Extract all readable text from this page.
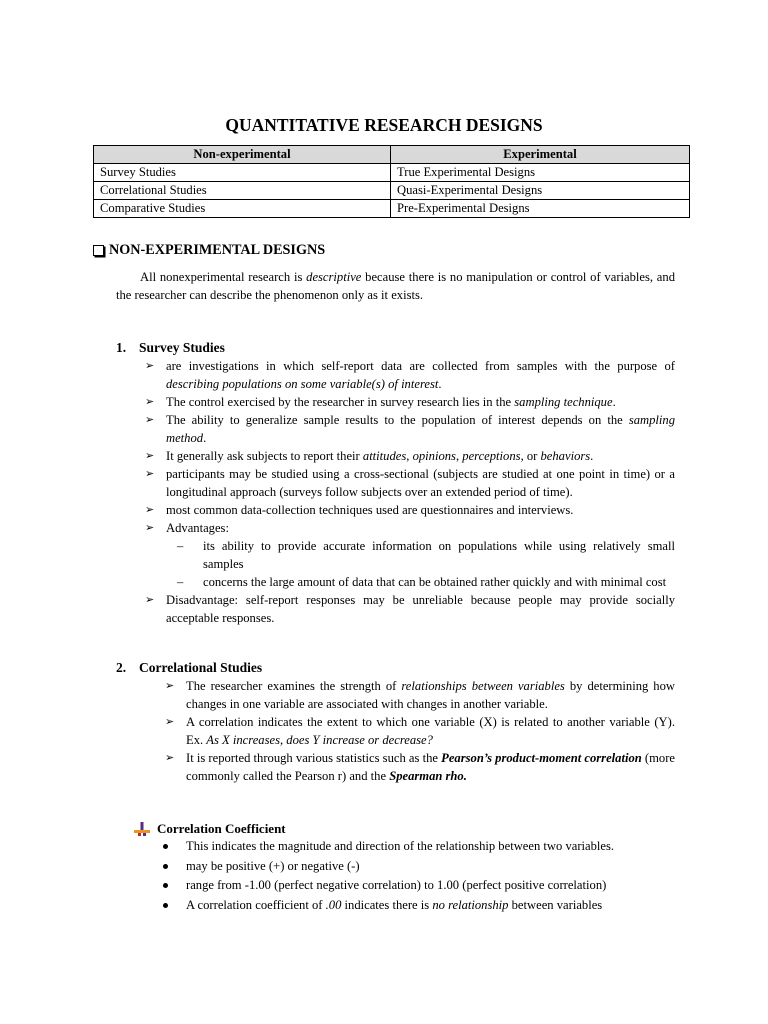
QUANTITATIVE RESEARCH DESIGNS
Non-experimental	Experimental
Survey Studies	True Experimental Designs
Correlational Studies	Quasi-Experimental Designs
Comparative Studies	Pre-Experimental Designs
NON-EXPERIMENTAL DESIGNS

All nonexperimental research is descriptive because there is no manipulation or control of variables, and the researcher can describe the phenomenon only as it exists.

1. Survey Studies
➢ are investigations in which self-report data are collected from samples with the purpose of describing populations on some variable(s) of interest.
➢ The control exercised by the researcher in survey research lies in the sampling technique.
➢ The ability to generalize sample results to the population of interest depends on the sampling method.
➢ It generally ask subjects to report their attitudes, opinions, perceptions, or behaviors.
➢ participants may be studied using a cross-sectional (subjects are studied at one point in time) or a longitudinal approach (surveys follow subjects over an extended period of time).
➢ most common data-collection techniques used are questionnaires and interviews.
➢ Advantages:
– its ability to provide accurate information on populations while using relatively small samples
– concerns the large amount of data that can be obtained rather quickly and with minimal cost
➢ Disadvantage: self-report responses may be unreliable because people may provide socially acceptable responses.
2. Correlational Studies
➢ The researcher examines the strength of relationships between variables by determining how changes in one variable are associated with changes in another variable.
➢ A correlation indicates the extent to which one variable (X) is related to another variable (Y). Ex. As X increases, does Y increase or decrease?
➢ It is reported through various statistics such as the Pearson’s product-moment correlation (more commonly called the Pearson r) and the Spearman rho.
Correlation Coefficient
This indicates the magnitude and direction of the relationship between two variables.
may be positive (+) or negative (-)
range from -1.00 (perfect negative correlation) to 1.00 (perfect positive correlation)
A correlation coefficient of .00 indicates there is no relationship between variables
